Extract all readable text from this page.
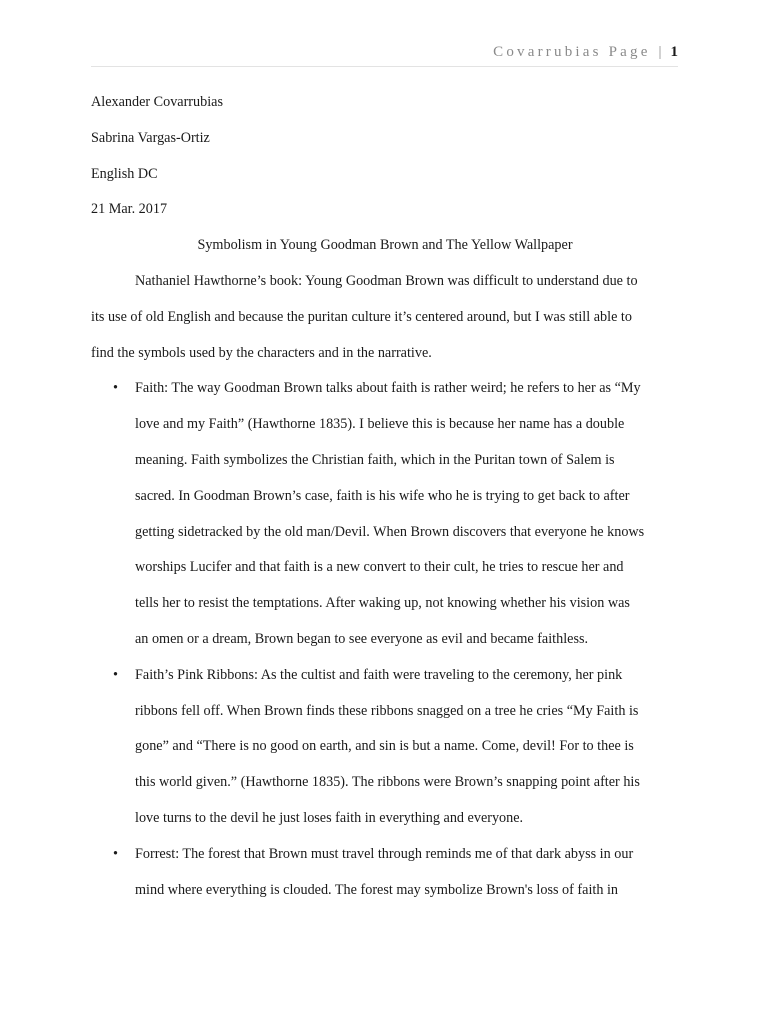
Covarrubias Page | 1

Alexander Covarrubias

Sabrina Vargas-Ortiz

English DC

21 Mar. 2017

Symbolism in Young Goodman Brown and The Yellow Wallpaper

Nathaniel Hawthorne’s book: Young Goodman Brown was difficult to understand due to

its use of old English and because the puritan culture it’s centered around, but I was still able to

find the symbols used by the characters and in the narrative.

• Faith: The way Goodman Brown talks about faith is rather weird; he refers to her as “My
love and my Faith” (Hawthorne 1835). I believe this is because her name has a double
meaning. Faith symbolizes the Christian faith, which in the Puritan town of Salem is
sacred. In Goodman Brown’s case, faith is his wife who he is trying to get back to after
getting sidetracked by the old man/Devil. When Brown discovers that everyone he knows
worships Lucifer and that faith is a new convert to their cult, he tries to rescue her and
tells her to resist the temptations. After waking up, not knowing whether his vision was
an omen or a dream, Brown began to see everyone as evil and became faithless.
• Faith’s Pink Ribbons: As the cultist and faith were traveling to the ceremony, her pink
ribbons fell off. When Brown finds these ribbons snagged on a tree he cries “My Faith is
gone” and “There is no good on earth, and sin is but a name. Come, devil! For to thee is
this world given.” (Hawthorne 1835). The ribbons were Brown’s snapping point after his
love turns to the devil he just loses faith in everything and everyone.
• Forrest: The forest that Brown must travel through reminds me of that dark abyss in our
mind where everything is clouded. The forest may symbolize Brown's loss of faith in
